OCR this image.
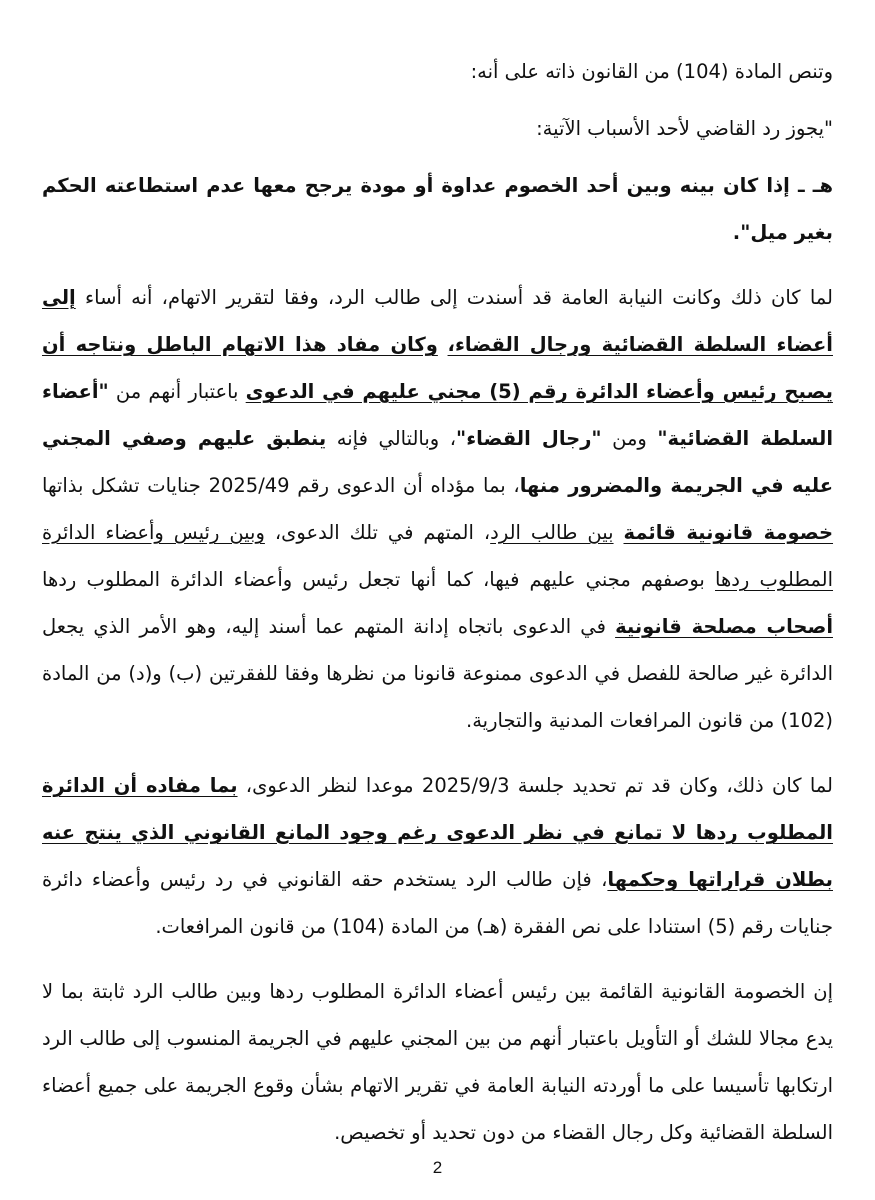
وتنص المادة (104) من القانون ذاته على أنه:

"يجوز رد القاضي لأحد الأسباب الآتية:

هـ ـ إذا كان بينه وبين أحد الخصوم عداوة أو مودة يرجح معها عدم استطاعته الحكم بغير ميل".

لما كان ذلك وكانت النيابة العامة قد أسندت إلى طالب الرد، وفقا لتقرير الاتهام، أنه أساء إلى أعضاء السلطة القضائية ورجال القضاء، وكان مفاد هذا الاتهام الباطل ونتاجه أن يصبح رئيس وأعضاء الدائرة رقم (5) مجني عليهم في الدعوى باعتبار أنهم من "أعضاء السلطة القضائية" ومن "رجال القضاء"، وبالتالي فإنه ينطبق عليهم وصفي المجني عليه في الجريمة والمضرور منها، بما مؤداه أن الدعوى رقم 2025/49 جنايات تشكل بذاتها خصومة قانونية قائمة بين طالب الرد، المتهم في تلك الدعوى، وبين رئيس وأعضاء الدائرة المطلوب ردها بوصفهم مجني عليهم فيها، كما أنها تجعل رئيس وأعضاء الدائرة المطلوب ردها أصحاب مصلحة قانونية في الدعوى باتجاه إدانة المتهم عما أسند إليه، وهو الأمر الذي يجعل الدائرة غير صالحة للفصل في الدعوى ممنوعة قانونا من نظرها وفقا للفقرتين (ب) و(د) من المادة (102) من قانون المرافعات المدنية والتجارية.

لما كان ذلك، وكان قد تم تحديد جلسة 2025/9/3 موعدا لنظر الدعوى، بما مفاده أن الدائرة المطلوب ردها لا تمانع في نظر الدعوى رغم وجود المانع القانوني الذي ينتج عنه بطلان قراراتها وحكمها، فإن طالب الرد يستخدم حقه القانوني في رد رئيس وأعضاء دائرة جنايات رقم (5) استنادا على نص الفقرة (هـ) من المادة (104) من قانون المرافعات.

إن الخصومة القانونية القائمة بين رئيس أعضاء الدائرة المطلوب ردها وبين طالب الرد ثابتة بما لا يدع مجالا للشك أو التأويل باعتبار أنهم من بين المجني عليهم في الجريمة المنسوب إلى طالب الرد ارتكابها تأسيسا على ما أوردته النيابة العامة في تقرير الاتهام بشأن وقوع الجريمة على جميع أعضاء السلطة القضائية وكل رجال القضاء من دون تحديد أو تخصيص.

2
